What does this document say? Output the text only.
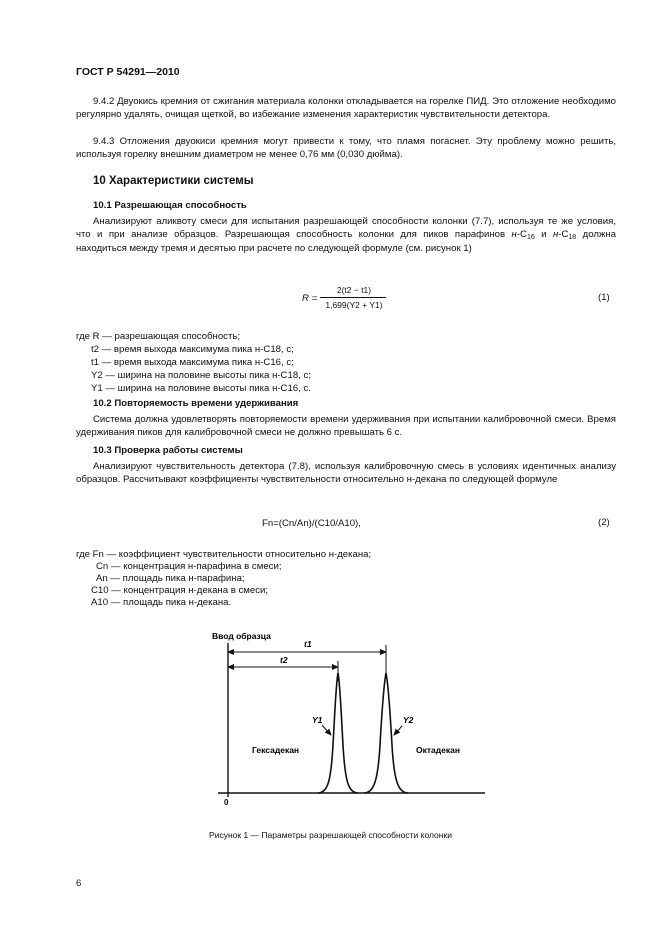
ГОСТ Р 54291—2010

9.4.2 Двуокись кремния от сжигания материала колонки откладывается на горелке ПИД. Это отложение необходимо регулярно удалять, очищая щеткой, во избежание изменения характеристик чувствительности детектора.

9.4.3 Отложения двуокиси кремния могут привести к тому, что пламя погаснет. Эту проблему можно решить, используя горелку внешним диаметром не менее 0,76 мм (0,030 дюйма).

10 Характеристики системы
10.1 Разрешающая способность

Анализируют аликвоту смеси для испытания разрешающей способности колонки (7.7), используя те же условия, что и при анализе образцов. Разрешающая способность колонки для пиков парафинов $н-C_{16}$ и $н-C_{18}$ должна находиться между тремя и десятью при расчете по следующей формуле (см. рисунок 1)

R =
2(t2 − t1)
1,699(Y2 + Y1)
(1)
где R — разрешающая способность;
t2 — время выхода максимума пика н-C18, с;
t1 — время выхода максимума пика н-C16, с;
Y2 — ширина на половине высоты пика н-C18, с;
Y1 — ширина на половине высоты пика н-C16, с.
10.2 Повторяемость времени удерживания

Система должна удовлетворять повторяемости времени удерживания при испытании калибровочной смеси. Время удерживания пиков для калибровочной смеси не должно превышать 6 с.

10.3 Проверка работы системы

Анализируют чувствительность детектора (7.8), используя калибровочную смесь в условиях идентичных анализу образцов. Рассчитывают коэффициенты чувствительности относительно н-декана по следующей формуле

Fn=(Cn/An)/(C10/A10),	(2)
где Fn — коэффициент чувствительности относительно н-декана;
Cn — концентрация н-парафина в смеси;
An — площадь пика н-парафина;
C10 — концентрация н-декана в смеси;
A10 — площадь пика н-декана.
Ввод образца
0
t1
t2
Y1	Y2
Гексадекан	Октадекан
Рисунок 1 — Параметры разрешающей способности колонки
6
